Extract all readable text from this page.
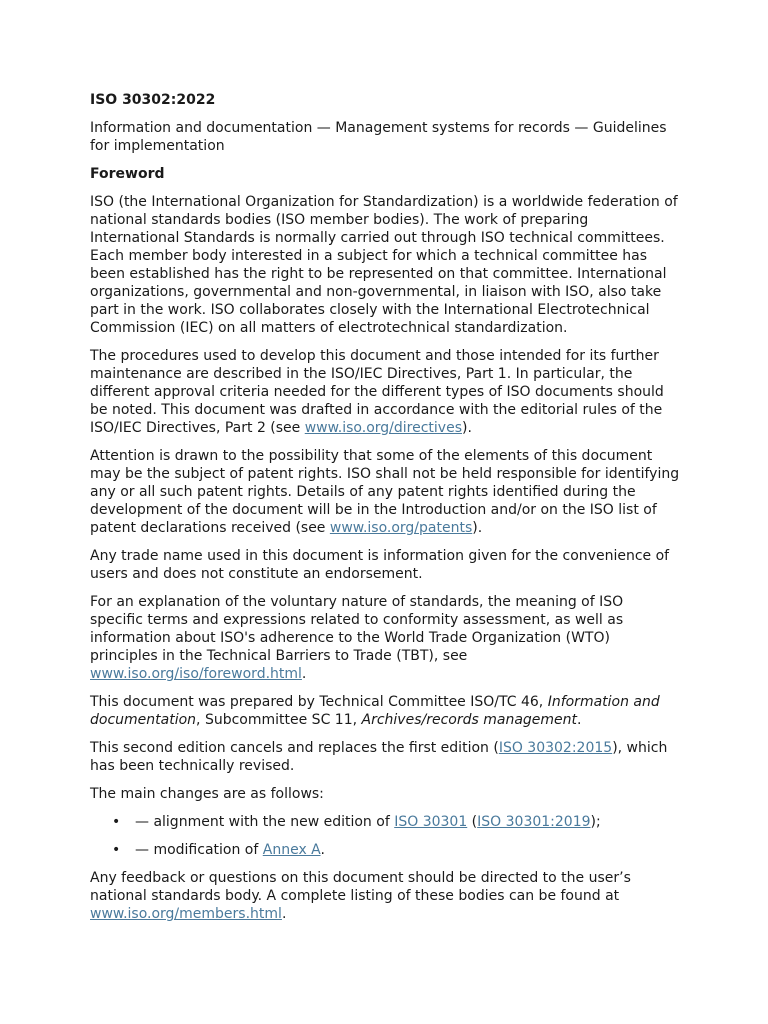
ISO 30302:2022

Information and documentation — Management systems for records — Guidelines for implementation

Foreword

ISO (the International Organization for Standardization) is a worldwide federation of national standards bodies (ISO member bodies). The work of preparing International Standards is normally carried out through ISO technical committees. Each member body interested in a subject for which a technical committee has been established has the right to be represented on that committee. International organizations, governmental and non-governmental, in liaison with ISO, also take part in the work. ISO collaborates closely with the International Electrotechnical Commission (IEC) on all matters of electrotechnical standardization.

The procedures used to develop this document and those intended for its further maintenance are described in the ISO/IEC Directives, Part 1. In particular, the different approval criteria needed for the different types of ISO documents should be noted. This document was drafted in accordance with the editorial rules of the ISO/IEC Directives, Part 2 (see www.iso.org/directives).

Attention is drawn to the possibility that some of the elements of this document may be the subject of patent rights. ISO shall not be held responsible for identifying any or all such patent rights. Details of any patent rights identified during the development of the document will be in the Introduction and/or on the ISO list of patent declarations received (see www.iso.org/patents).

Any trade name used in this document is information given for the convenience of users and does not constitute an endorsement.

For an explanation of the voluntary nature of standards, the meaning of ISO specific terms and expressions related to conformity assessment, as well as information about ISO's adherence to the World Trade Organization (WTO) principles in the Technical Barriers to Trade (TBT), see www.iso.org/iso/foreword.html.

This document was prepared by Technical Committee ISO/TC 46, Information and documentation, Subcommittee SC 11, Archives/records management.

This second edition cancels and replaces the first edition (ISO 30302:2015), which has been technically revised.

The main changes are as follows:

• — alignment with the new edition of ISO 30301 (ISO 30301:2019);
• — modification of Annex A.

Any feedback or questions on this document should be directed to the user’s national standards body. A complete listing of these bodies can be found at www.iso.org/members.html.
